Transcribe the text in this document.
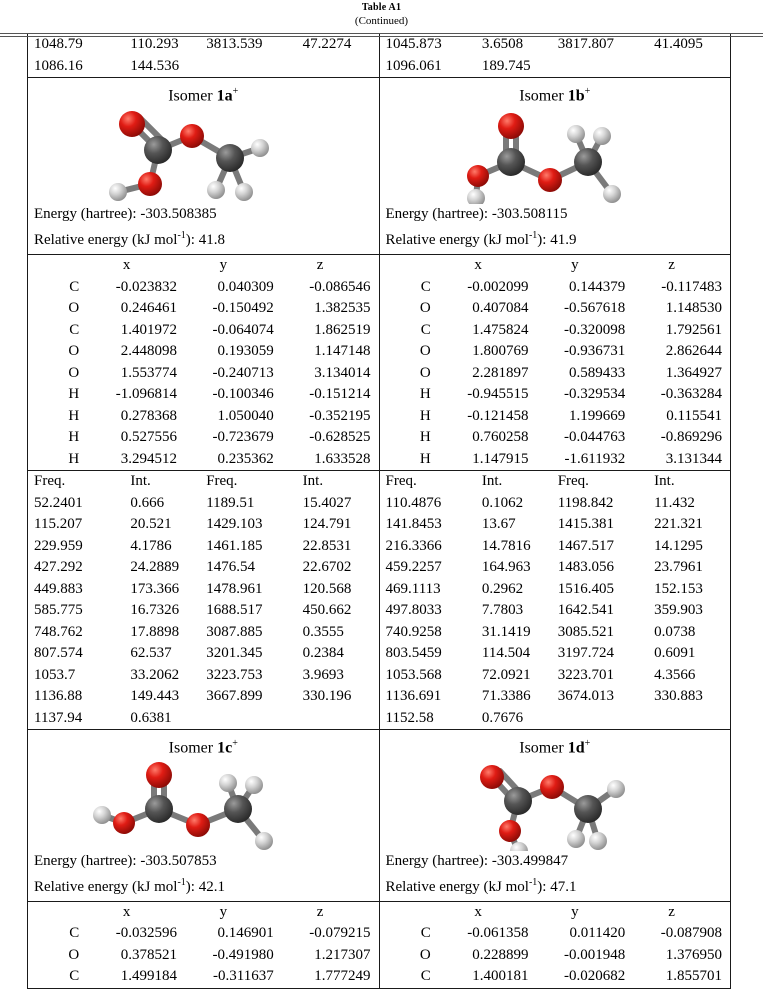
Table A1
(Continued)
1048.79	110.293	3813.539	47.2274
1086.16	144.536		

1045.873	3.6508	3817.807	41.4095
1096.061	189.745		

Isomer 1a+
Energy (hartree): -303.508385
Relative energy (kJ mol$^{-1}$): 41.8

Isomer 1b+
Energy (hartree): -303.508115
Relative energy (kJ mol$^{-1}$): 41.9

	x	y	z
C	-0.023832	0.040309	-0.086546
O	0.246461	-0.150492	1.382535
C	1.401972	-0.064074	1.862519
O	2.448098	0.193059	1.147148
O	1.553774	-0.240713	3.134014
H	-1.096814	-0.100346	-0.151214
H	0.278368	1.050040	-0.352195
H	0.527556	-0.723679	-0.628525
H	3.294512	0.235362	1.633528

	x	y	z
C	-0.002099	0.144379	-0.117483
O	0.407084	-0.567618	1.148530
C	1.475824	-0.320098	1.792561
O	1.800769	-0.936731	2.862644
O	2.281897	0.589433	1.364927
H	-0.945515	-0.329534	-0.363284
H	-0.121458	1.199669	0.115541
H	0.760258	-0.044763	-0.869296
H	1.147915	-1.611932	3.131344

Freq.	Int.	Freq.	Int.
52.2401	0.666	1189.51	15.4027
115.207	20.521	1429.103	124.791
229.959	4.1786	1461.185	22.8531
427.292	24.2889	1476.54	22.6702
449.883	173.366	1478.961	120.568
585.775	16.7326	1688.517	450.662
748.762	17.8898	3087.885	0.3555
807.574	62.537	3201.345	0.2384
1053.7	33.2062	3223.753	3.9693
1136.88	149.443	3667.899	330.196
1137.94	0.6381		

Freq.	Int.	Freq.	Int.
110.4876	0.1062	1198.842	11.432
141.8453	13.67	1415.381	221.321
216.3366	14.7816	1467.517	14.1295
459.2257	164.963	1483.056	23.7961
469.1113	0.2962	1516.405	152.153
497.8033	7.7803	1642.541	359.903
740.9258	31.1419	3085.521	0.0738
803.5459	114.504	3197.724	0.6091
1053.568	72.0921	3223.701	4.3566
1136.691	71.3386	3674.013	330.883
1152.58	0.7676		

Isomer 1c+
Energy (hartree): -303.507853
Relative energy (kJ mol$^{-1}$): 42.1

Isomer 1d+
Energy (hartree): -303.499847
Relative energy (kJ mol$^{-1}$): 47.1

	x	y	z
C	-0.032596	0.146901	-0.079215
O	0.378521	-0.491980	1.217307
C	1.499184	-0.311637	1.777249

	x	y	z
C	-0.061358	0.011420	-0.087908
O	0.228899	-0.001948	1.376950
C	1.400181	-0.020682	1.855701
